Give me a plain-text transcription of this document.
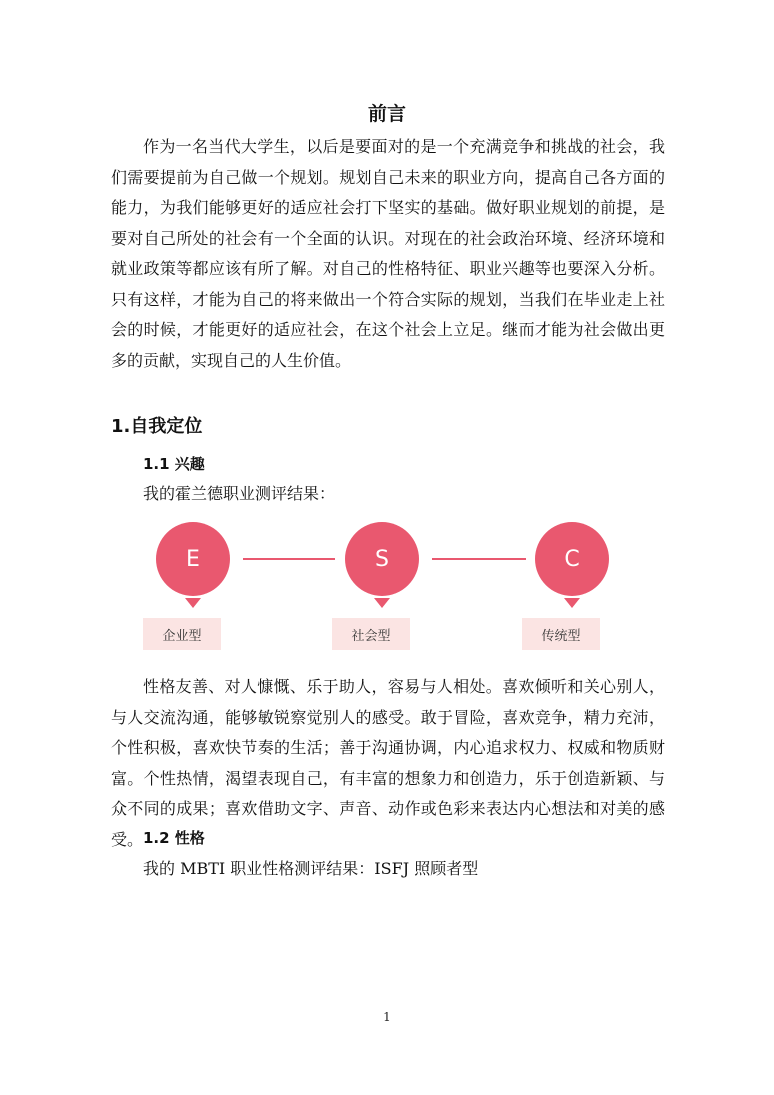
前言

作为一名当代大学生，以后是要面对的是一个充满竞争和挑战的社会，我们需要提前为自己做一个规划。规划自己未来的职业方向，提高自己各方面的能力，为我们能够更好的适应社会打下坚实的基础。做好职业规划的前提，是要对自己所处的社会有一个全面的认识。对现在的社会政治环境、经济环境和就业政策等都应该有所了解。对自己的性格特征、职业兴趣等也要深入分析。只有这样，才能为自己的将来做出一个符合实际的规划，当我们在毕业走上社会的时候，才能更好的适应社会，在这个社会上立足。继而才能为社会做出更多的贡献，实现自己的人生价值。

1.自我定位
1.1 兴趣
我的霍兰德职业测评结果：
E
企业型
S
社会型
C
传统型

性格友善、对人慷慨、乐于助人，容易与人相处。喜欢倾听和关心别人，与人交流沟通，能够敏锐察觉别人的感受。敢于冒险，喜欢竞争，精力充沛，个性积极，喜欢快节奏的生活；善于沟通协调，内心追求权力、权威和物质财富。个性热情，渴望表现自己，有丰富的想象力和创造力，乐于创造新颖、与众不同的成果；喜欢借助文字、声音、动作或色彩来表达内心想法和对美的感受。 1.2 性格
我的 MBTI 职业性格测评结果：ISFJ 照顾者型
1
